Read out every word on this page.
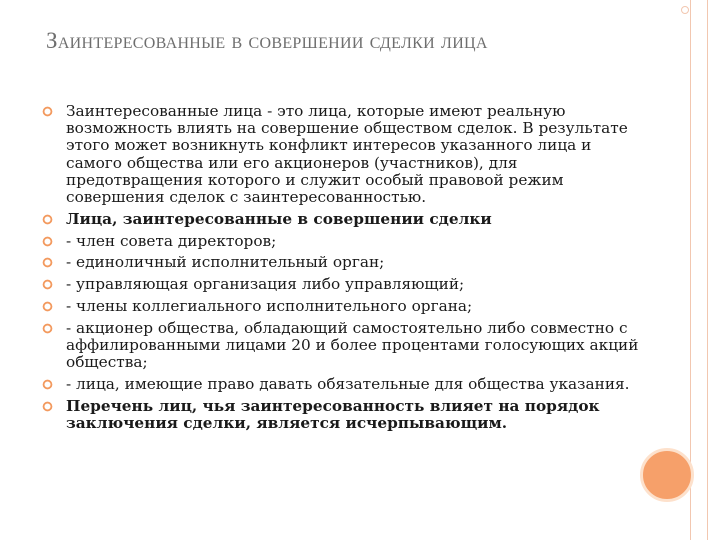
Заинтересованные в совершении сделки лица
Заинтересованные лица - это лица, которые имеют реальную возможность влиять на совершение обществом сделок. В результате этого может возникнуть конфликт интересов указанного лица и самого общества или его акционеров (участников), для предотвращения которого и служит особый правовой режим совершения сделок с заинтересованностью.
Лица, заинтересованные в совершении сделки
- член совета директоров;
- единоличный исполнительный орган;
- управляющая организация либо управляющий;
- члены коллегиального исполнительного органа;
- акционер общества, обладающий самостоятельно либо совместно с аффилированными лицами 20 и более процентами голосующих акций общества;
- лица, имеющие право давать обязательные для общества указания.
Перечень лиц, чья заинтересованность влияет на порядок заключения сделки, является исчерпывающим.
